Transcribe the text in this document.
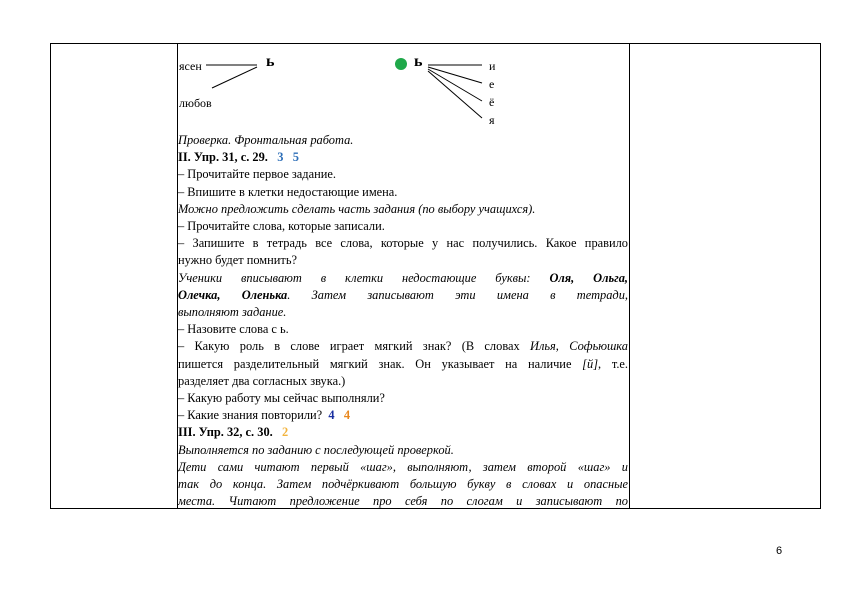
ясен
любов
ь	ь	и
е
ё
я

Проверка. Фронтальная работа.

II. Упр. 31, с. 29. 3 5

– Прочитайте первое задание.

– Впишите в клетки недостающие имена.

Можно предложить сделать часть задания (по выбору учащихся).

– Прочитайте слова, которые записали.

– Запишите в тетрадь все слова, которые у нас получились. Какое правило

нужно будет помнить?

Ученики вписывают в клетки недостающие буквы: Оля, Ольга,

Олечка, Оленька. Затем записывают эти имена в тетради,

выполняют задание.

– Назовите слова с ь.

– Какую роль в слове играет мягкий знак? (В словах Илья, Софьюшка

пишется разделительный мягкий знак. Он указывает на наличие [й], т.е.

разделяет два согласных звука.)

– Какую работу мы сейчас выполняли?

– Какие знания повторили? 4 4

III. Упр. 32, с. 30. 2

Выполняется по заданию с последующей проверкой.

Дети сами читают первый «шаг», выполняют, затем второй «шаг» и

так до конца. Затем подчёркивают большую букву в словах и опасные

места. Читают предложение про себя по слогам и записывают по

6
